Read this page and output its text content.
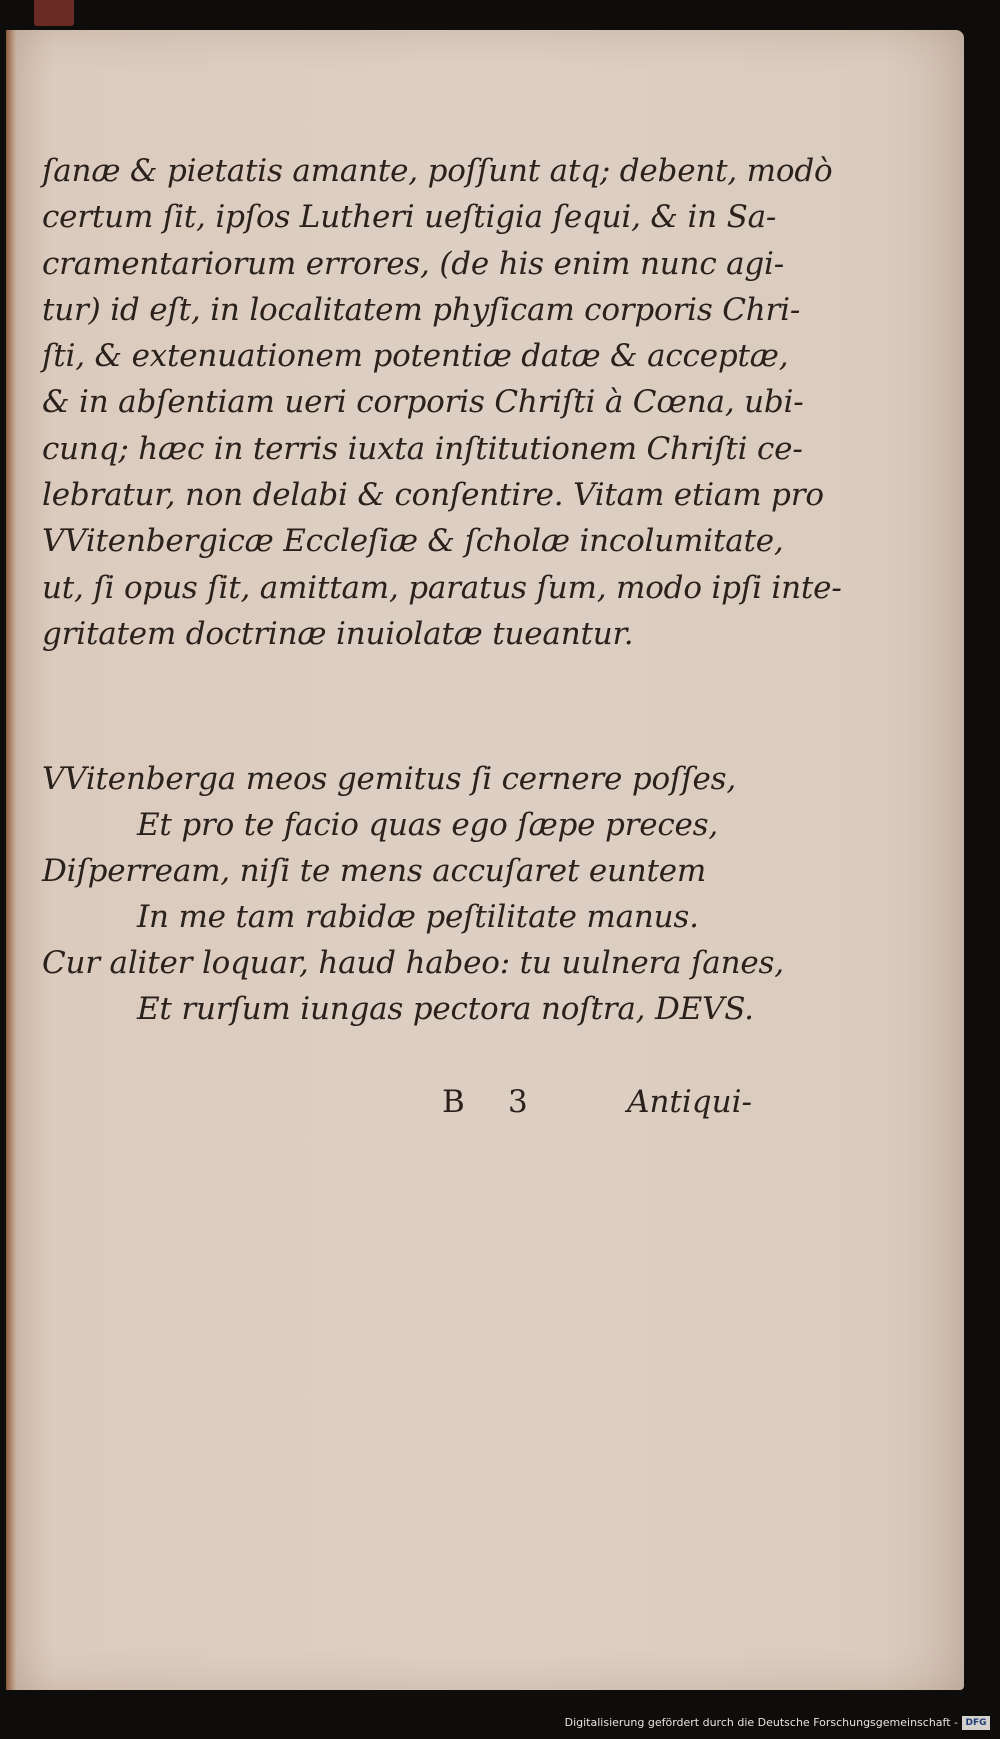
ſanæ & pietatis amante, poſſunt atq; debent, modò
certum ſit, ipſos Lutheri ueſtigia ſequi, & in Sa-
cramentariorum errores, (de his enim nunc agi-
tur) id eſt, in localitatem phyſicam corporis Chri-
ſti, & extenuationem potentiæ datæ & acceptæ,
& in abſentiam ueri corporis Chriſti à Cœna, ubi-
cunq; hæc in terris iuxta inſtitutionem Chriſti ce-
lebratur, non delabi & conſentire. Vitam etiam pro
VVitenbergicæ Eccleſiæ & ſcholæ incolumitate,
ut, ſi opus ſit, amittam, paratus ſum, modo ipſi inte-
gritatem doctrinæ inuiolatæ tueantur.
VVitenberga meos gemitus ſi cernere poſſes,
Et pro te facio quas ego ſæpe preces,
Diſperream, niſi te mens accuſaret euntem
In me tam rabidæ peſtilitate manus.
Cur aliter loquar, haud habeo: tu uulnera ſanes,
Et rurſum iungas pectora noſtra, DEVS.
B 3	Antiqui-
Digitalisierung gefördert durch die Deutsche Forschungsgemeinschaft - DFG
